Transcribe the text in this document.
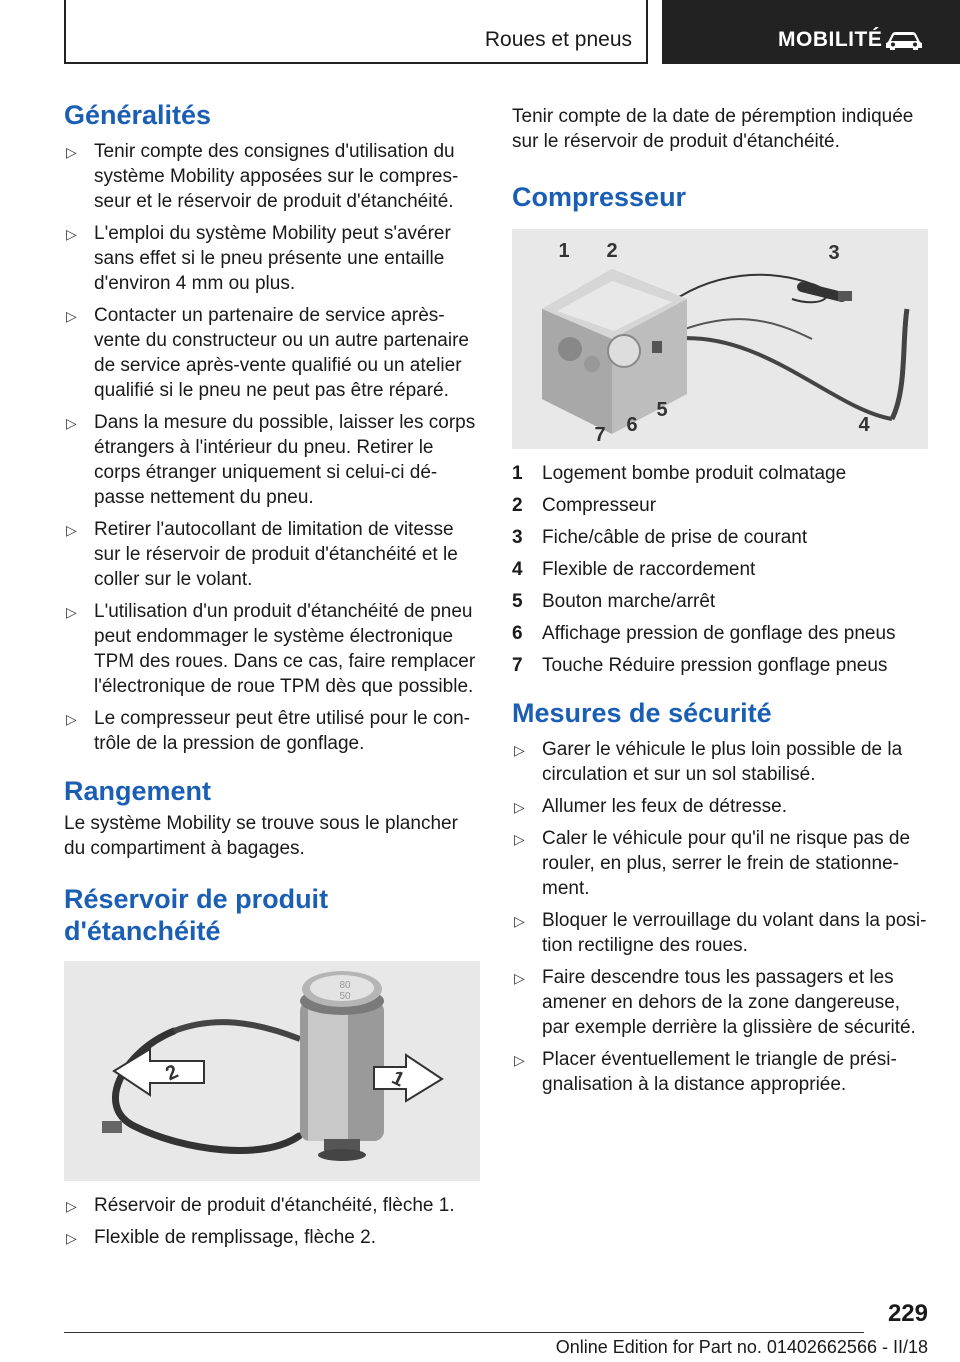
Roues et pneus	MOBILITÉ
Généralités
▷ Tenir compte des consignes d'utilisation du système Mobility apposées sur le compresseur et le réservoir de produit d'étanchéité.
▷ L'emploi du système Mobility peut s'avérer sans effet si le pneu présente une entaille d'environ 4 mm ou plus.
▷ Contacter un partenaire de service après-vente du constructeur ou un autre partenaire de service après-vente qualifié ou un atelier qualifié si le pneu ne peut pas être réparé.
▷ Dans la mesure du possible, laisser les corps étrangers à l'intérieur du pneu. Retirer le corps étranger uniquement si celui-ci dépasse nettement du pneu.
▷ Retirer l'autocollant de limitation de vitesse sur le réservoir de produit d'étanchéité et le coller sur le volant.
▷ L'utilisation d'un produit d'étanchéité de pneu peut endommager le système électronique TPM des roues. Dans ce cas, faire remplacer l'électronique de roue TPM dès que possible.
▷ Le compresseur peut être utilisé pour le contrôle de la pression de gonflage.
Rangement

Le système Mobility se trouve sous le plancher du compartiment à bagages.

Réservoir de produit
d'étanchéité
80
50
2	1
▷ Réservoir de produit d'étanchéité, flèche 1.
▷ Flexible de remplissage, flèche 2.

Tenir compte de la date de péremption indiquée sur le réservoir de produit d'étanchéité.

Compresseur
1 2	3
4
5
6
7
1 Logement bombe produit colmatage
2 Compresseur
3 Fiche/câble de prise de courant
4 Flexible de raccordement
5 Bouton marche/arrêt
6 Affichage pression de gonflage des pneus
7 Touche Réduire pression gonflage pneus
Mesures de sécurité
▷ Garer le véhicule le plus loin possible de la circulation et sur un sol stabilisé.
▷ Allumer les feux de détresse.
▷ Caler le véhicule pour qu'il ne risque pas de rouler, en plus, serrer le frein de stationnement.
▷ Bloquer le verrouillage du volant dans la position rectiligne des roues.
▷ Faire descendre tous les passagers et les amener en dehors de la zone dangereuse, par exemple derrière la glissière de sécurité.
▷ Placer éventuellement le triangle de présignalisation à la distance appropriée.
229
Online Edition for Part no. 01402662566 - II/18
